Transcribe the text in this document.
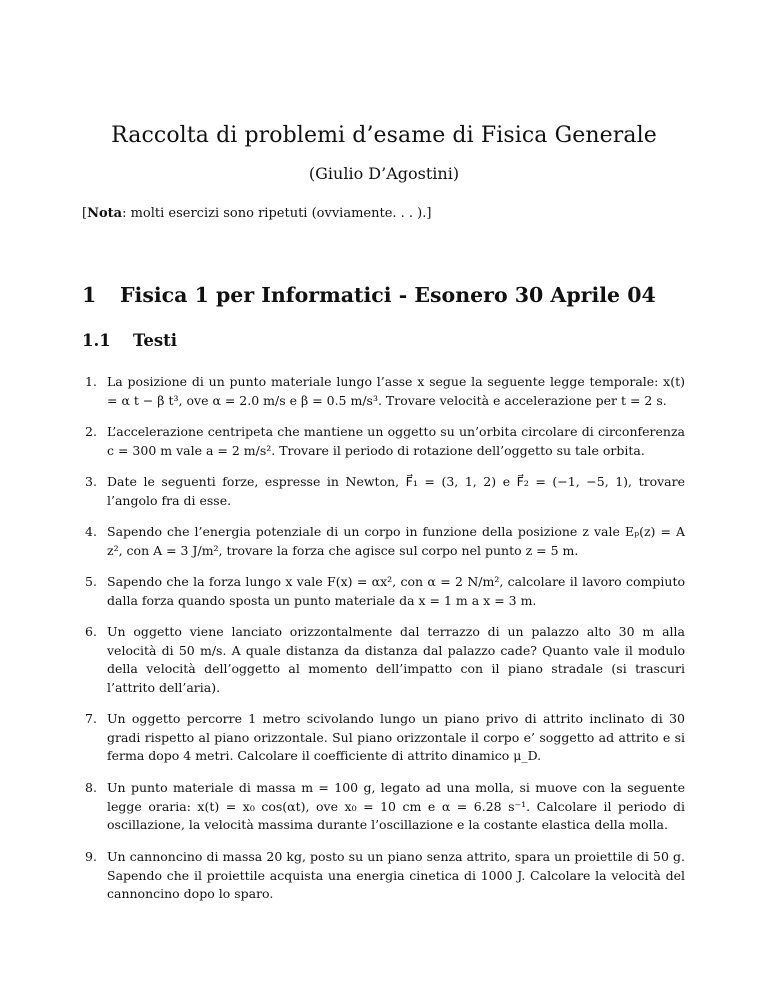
Raccolta di problemi d’esame di Fisica Generale
(Giulio D’Agostini)
[Nota: molti esercizi sono ripetuti (ovviamente. . . ).]
1 Fisica 1 per Informatici - Esonero 30 Aprile 04
1.1 Testi
1. La posizione di un punto materiale lungo l’asse x segue la seguente legge temporale: x(t) = α t − β t³, ove α = 2.0 m/s e β = 0.5 m/s³. Trovare velocità e accelerazione per t = 2 s.
2. L’accelerazione centripeta che mantiene un oggetto su un’orbita circolare di circonferenza c = 300 m vale a = 2 m/s². Trovare il periodo di rotazione dell’oggetto su tale orbita.
3. Date le seguenti forze, espresse in Newton, F⃗₁ = (3, 1, 2) e F⃗₂ = (−1, −5, 1), trovare l’angolo fra di esse.
4. Sapendo che l’energia potenziale di un corpo in funzione della posizione z vale Eₚ(z) = A z², con A = 3 J/m², trovare la forza che agisce sul corpo nel punto z = 5 m.
5. Sapendo che la forza lungo x vale F(x) = αx², con α = 2 N/m², calcolare il lavoro compiuto dalla forza quando sposta un punto materiale da x = 1 m a x = 3 m.
6. Un oggetto viene lanciato orizzontalmente dal terrazzo di un palazzo alto 30 m alla velocità di 50 m/s. A quale distanza da distanza dal palazzo cade? Quanto vale il modulo della velocità dell’oggetto al momento dell’impatto con il piano stradale (si trascuri l’attrito dell’aria).
7. Un oggetto percorre 1 metro scivolando lungo un piano privo di attrito inclinato di 30 gradi rispetto al piano orizzontale. Sul piano orizzontale il corpo e’ soggetto ad attrito e si ferma dopo 4 metri. Calcolare il coefficiente di attrito dinamico μ_D.
8. Un punto materiale di massa m = 100 g, legato ad una molla, si muove con la seguente legge oraria: x(t) = x₀ cos(αt), ove x₀ = 10 cm e α = 6.28 s⁻¹. Calcolare il periodo di oscillazione, la velocità massima durante l’oscillazione e la costante elastica della molla.
9. Un cannoncino di massa 20 kg, posto su un piano senza attrito, spara un proiettile di 50 g. Sapendo che il proiettile acquista una energia cinetica di 1000 J. Calcolare la velocità del cannoncino dopo lo sparo.
